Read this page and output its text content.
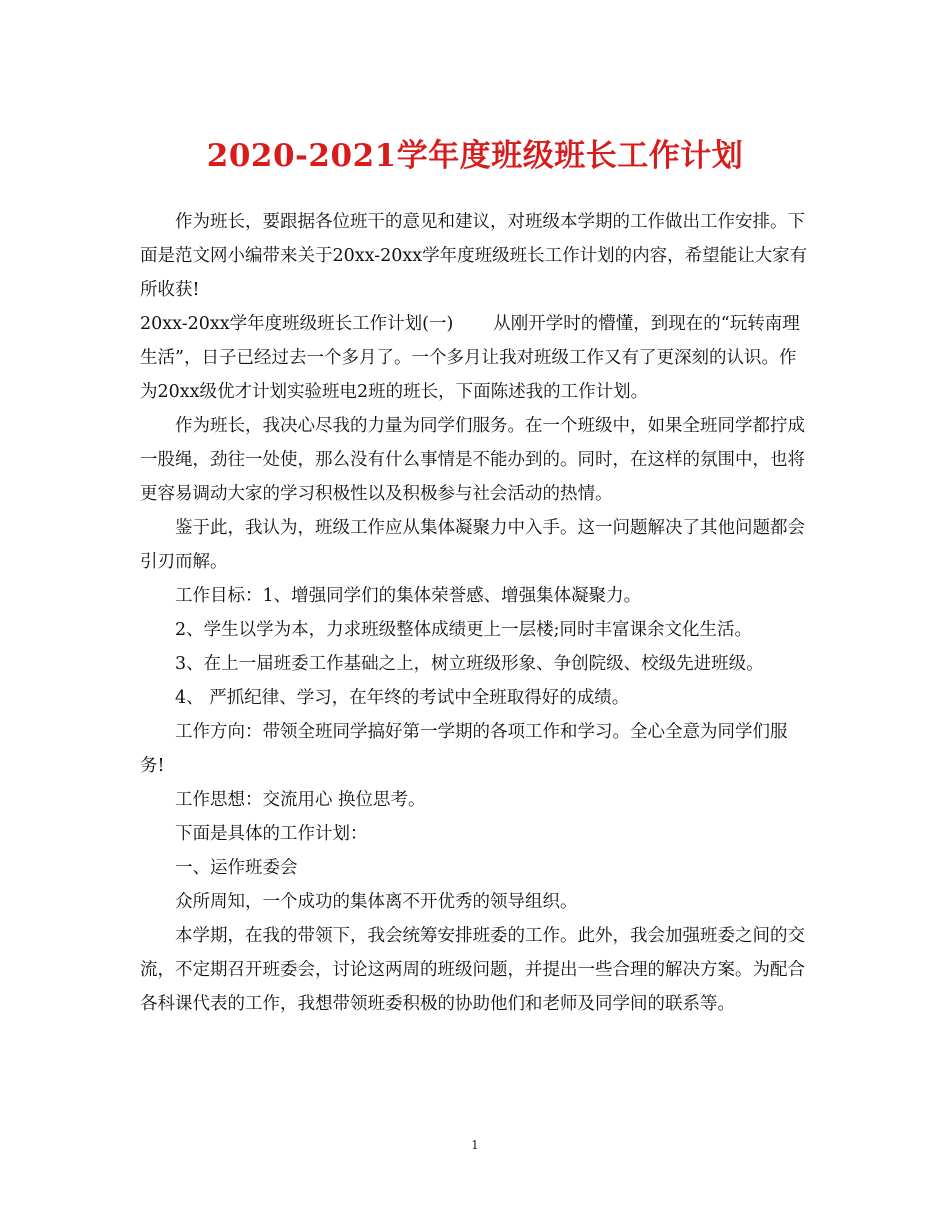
2020-2021学年度班级班长工作计划

作为班长，要跟据各位班干的意见和建议，对班级本学期的工作做出工作安排。下面是范文网小编带来关于20xx-20xx学年度班级班长工作计划的内容，希望能让大家有所收获!

20xx-20xx学年度班级班长工作计划(一) 从刚开学时的懵懂，到现在的“玩转南理生活”，日子已经过去一个多月了。一个多月让我对班级工作又有了更深刻的认识。作为20xx级优才计划实验班电2班的班长，下面陈述我的工作计划。

作为班长，我决心尽我的力量为同学们服务。在一个班级中，如果全班同学都拧成一股绳，劲往一处使，那么没有什么事情是不能办到的。同时，在这样的氛围中，也将更容易调动大家的学习积极性以及积极参与社会活动的热情。

鉴于此，我认为，班级工作应从集体凝聚力中入手。这一问题解决了其他问题都会引刃而解。

工作目标：1、增强同学们的集体荣誉感、增强集体凝聚力。

2、学生以学为本，力求班级整体成绩更上一层楼;同时丰富课余文化生活。

3、在上一届班委工作基础之上，树立班级形象、争创院级、校级先进班级。

4、 严抓纪律、学习，在年终的考试中全班取得好的成绩。

工作方向：带领全班同学搞好第一学期的各项工作和学习。全心全意为同学们服务!

工作思想：交流用心 换位思考。

下面是具体的工作计划：

一、运作班委会

众所周知，一个成功的集体离不开优秀的领导组织。

本学期，在我的带领下，我会统筹安排班委的工作。此外，我会加强班委之间的交流，不定期召开班委会，讨论这两周的班级问题，并提出一些合理的解决方案。为配合各科课代表的工作，我想带领班委积极的协助他们和老师及同学间的联系等。

1
